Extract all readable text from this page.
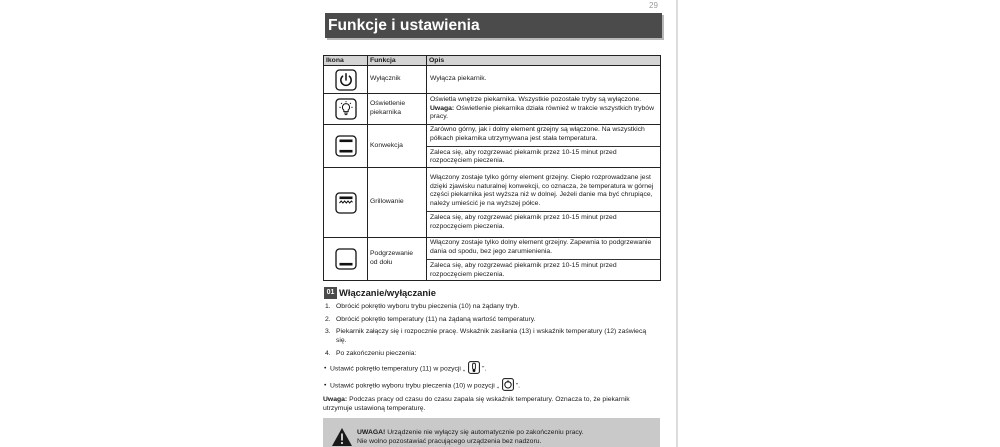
29
Funkcje i ustawienia
Ikona	Funkcja	Opis

	Wyłącznik	Wyłącza piekarnik.

	Oświetlenie piekarnika	Oświetla wnętrze piekarnika. Wszystkie pozostałe tryby są wyłączone. Uwaga: Oświetlenie piekarnika działa również w trakcie wszystkich trybów pracy.

	Konwekcja	Zarówno górny, jak i dolny element grzejny są włączone. Na wszystkich półkach piekarnika utrzymywana jest stała temperatura.
Zaleca się, aby rozgrzewać piekarnik przez 10-15 minut przed rozpoczęciem pieczenia.

	Grillowanie	Włączony zostaje tylko górny element grzejny. Ciepło rozprowadzane jest dzięki zjawisku naturalnej konwekcji, co oznacza, że temperatura w górnej części piekarnika jest wyższa niż w dolnej. Jeżeli danie ma być chrupiące, należy umieścić je na wyższej półce.
Zaleca się, aby rozgrzewać piekarnik przez 10-15 minut przed rozpoczęciem pieczenia.

	Podgrzewanie od dołu	Włączony zostaje tylko dolny element grzejny. Zapewnia to podgrzewanie dania od spodu, bez jego zarumienienia.
Zaleca się, aby rozgrzewać piekarnik przez 10-15 minut przed rozpoczęciem pieczenia.
01 Włączanie/wyłączanie
1. Obrócić pokrętło wyboru trybu pieczenia (10) na żądany tryb.
2. Obrócić pokrętło temperatury (11) na żądaną wartość temperatury.
3. Piekarnik załączy się i rozpocznie pracę. Wskaźnik zasilania (13) i wskaźnik temperatury (12) zaświecą się.
4. Po zakończeniu pieczenia:
Ustawić pokrętło temperatury (11) w pozycji „	”.
Ustawić pokrętło wyboru trybu pieczenia (10) w pozycji „	”.
Uwaga: Podczas pracy od czasu do czasu zapala się wskaźnik temperatury. Oznacza to, że piekarnik utrzymuje ustawioną temperaturę.
UWAGA! Urządzenie nie wyłączy się automatycznie po zakończeniu pracy.
Nie wolno pozostawiać pracującego urządzenia bez nadzoru.
